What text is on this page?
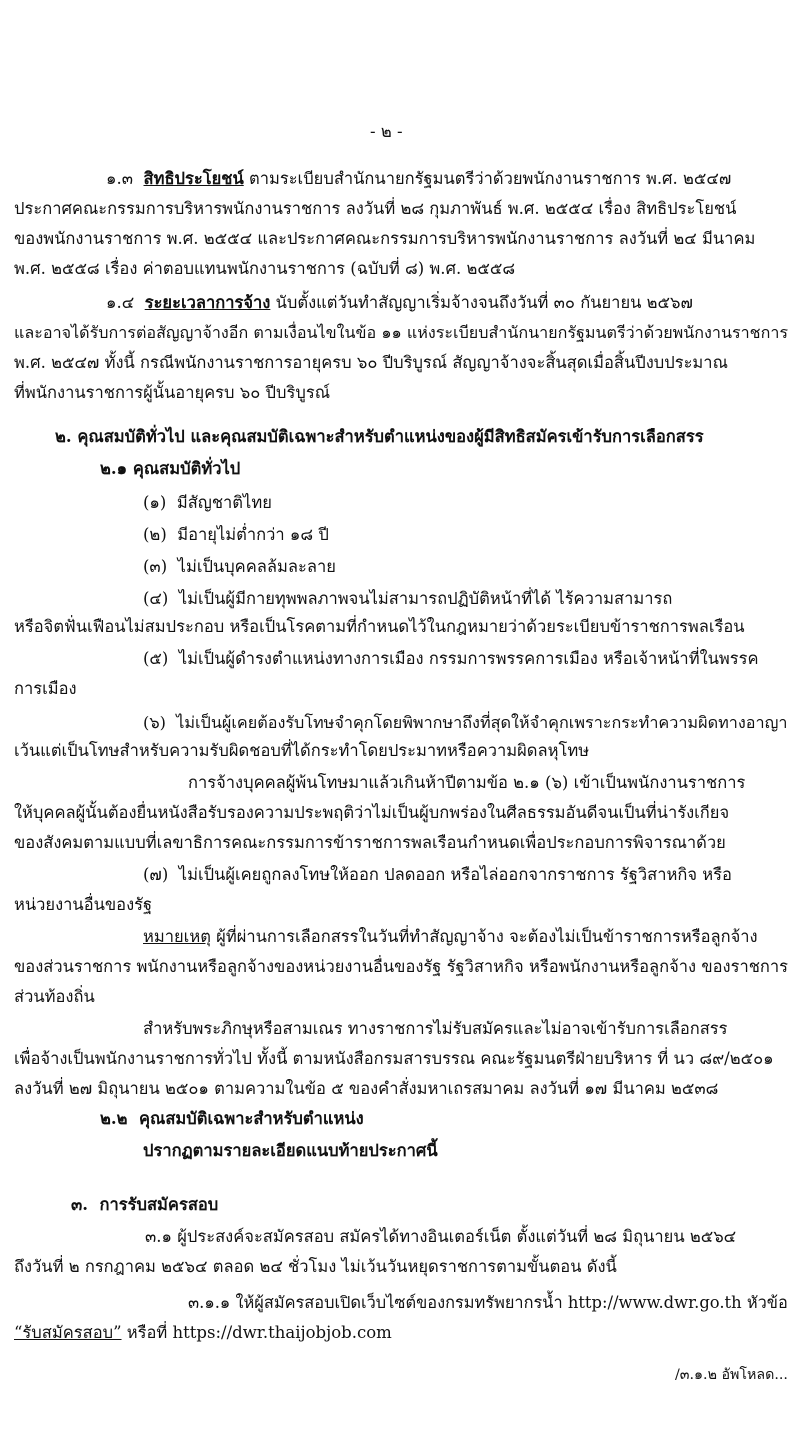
- ๒ -
๑.๓  สิทธิประโยชน์ ตามระเบียบสำนักนายกรัฐมนตรีว่าด้วยพนักงานราชการ พ.ศ. ๒๕๔๗
ประกาศคณะกรรมการบริหารพนักงานราชการ ลงวันที่ ๒๘ กุมภาพันธ์ พ.ศ. ๒๕๕๔ เรื่อง สิทธิประโยชน์
ของพนักงานราชการ พ.ศ. ๒๕๕๔ และประกาศคณะกรรมการบริหารพนักงานราชการ ลงวันที่ ๒๔ มีนาคม
พ.ศ. ๒๕๕๘ เรื่อง ค่าตอบแทนพนักงานราชการ (ฉบับที่ ๘) พ.ศ. ๒๕๕๘
๑.๔  ระยะเวลาการจ้าง นับตั้งแต่วันทำสัญญาเริ่มจ้างจนถึงวันที่ ๓๐ กันยายน ๒๕๖๗
และอาจได้รับการต่อสัญญาจ้างอีก ตามเงื่อนไขในข้อ ๑๑ แห่งระเบียบสำนักนายกรัฐมนตรีว่าด้วยพนักงานราชการ
พ.ศ. ๒๕๔๗ ทั้งนี้ กรณีพนักงานราชการอายุครบ ๖๐ ปีบริบูรณ์ สัญญาจ้างจะสิ้นสุดเมื่อสิ้นปีงบประมาณ
ที่พนักงานราชการผู้นั้นอายุครบ ๖๐ ปีบริบูรณ์
๒. คุณสมบัติทั่วไป และคุณสมบัติเฉพาะสำหรับตำแหน่งของผู้มีสิทธิสมัครเข้ารับการเลือกสรร
๒.๑ คุณสมบัติทั่วไป
(๑)  มีสัญชาติไทย
(๒)  มีอายุไม่ต่ำกว่า ๑๘ ปี
(๓)  ไม่เป็นบุคคลล้มละลาย
(๔)  ไม่เป็นผู้มีกายทุพพลภาพจนไม่สามารถปฏิบัติหน้าที่ได้ ไร้ความสามารถ
หรือจิตฟั่นเฟือนไม่สมประกอบ หรือเป็นโรคตามที่กำหนดไว้ในกฎหมายว่าด้วยระเบียบข้าราชการพลเรือน
(๕)  ไม่เป็นผู้ดำรงตำแหน่งทางการเมือง กรรมการพรรคการเมือง หรือเจ้าหน้าที่ในพรรค
การเมือง
(๖)  ไม่เป็นผู้เคยต้องรับโทษจำคุกโดยพิพากษาถึงที่สุดให้จำคุกเพราะกระทำความผิดทางอาญา
เว้นแต่เป็นโทษสำหรับความรับผิดชอบที่ได้กระทำโดยประมาทหรือความผิดลหุโทษ
การจ้างบุคคลผู้พ้นโทษมาแล้วเกินห้าปีตามข้อ ๒.๑ (๖) เข้าเป็นพนักงานราชการ
ให้บุคคลผู้นั้นต้องยื่นหนังสือรับรองความประพฤติว่าไม่เป็นผู้บกพร่องในศีลธรรมอันดีจนเป็นที่น่ารังเกียจ
ของสังคมตามแบบที่เลขาธิการคณะกรรมการข้าราชการพลเรือนกำหนดเพื่อประกอบการพิจารณาด้วย
(๗)  ไม่เป็นผู้เคยถูกลงโทษให้ออก ปลดออก หรือไล่ออกจากราชการ รัฐวิสาหกิจ หรือ
หน่วยงานอื่นของรัฐ
หมายเหตุ ผู้ที่ผ่านการเลือกสรรในวันที่ทำสัญญาจ้าง จะต้องไม่เป็นข้าราชการหรือลูกจ้าง
ของส่วนราชการ พนักงานหรือลูกจ้างของหน่วยงานอื่นของรัฐ รัฐวิสาหกิจ หรือพนักงานหรือลูกจ้าง ของราชการ
ส่วนท้องถิ่น
สำหรับพระภิกษุหรือสามเณร ทางราชการไม่รับสมัครและไม่อาจเข้ารับการเลือกสรร
เพื่อจ้างเป็นพนักงานราชการทั่วไป ทั้งนี้ ตามหนังสือกรมสารบรรณ คณะรัฐมนตรีฝ่ายบริหาร ที่ นว ๘๙/๒๕๐๑
ลงวันที่ ๒๗ มิถุนายน ๒๕๐๑ ตามความในข้อ ๕ ของคำสั่งมหาเถรสมาคม ลงวันที่ ๑๗ มีนาคม ๒๕๓๘
๒.๒  คุณสมบัติเฉพาะสำหรับตำแหน่ง
ปรากฏตามรายละเอียดแนบท้ายประกาศนี้
๓.  การรับสมัครสอบ
๓.๑ ผู้ประสงค์จะสมัครสอบ สมัครได้ทางอินเตอร์เน็ต ตั้งแต่วันที่ ๒๘ มิถุนายน ๒๕๖๔
ถึงวันที่ ๒ กรกฎาคม ๒๕๖๔ ตลอด ๒๔ ชั่วโมง ไม่เว้นวันหยุดราชการตามขั้นตอน ดังนี้
๓.๑.๑ ให้ผู้สมัครสอบเปิดเว็บไซต์ของกรมทรัพยากรน้ำ http://www.dwr.go.th หัวข้อ
“รับสมัครสอบ” หรือที่ https://dwr.thaijobjob.com
/๓.๑.๒ อัพโหลด...
